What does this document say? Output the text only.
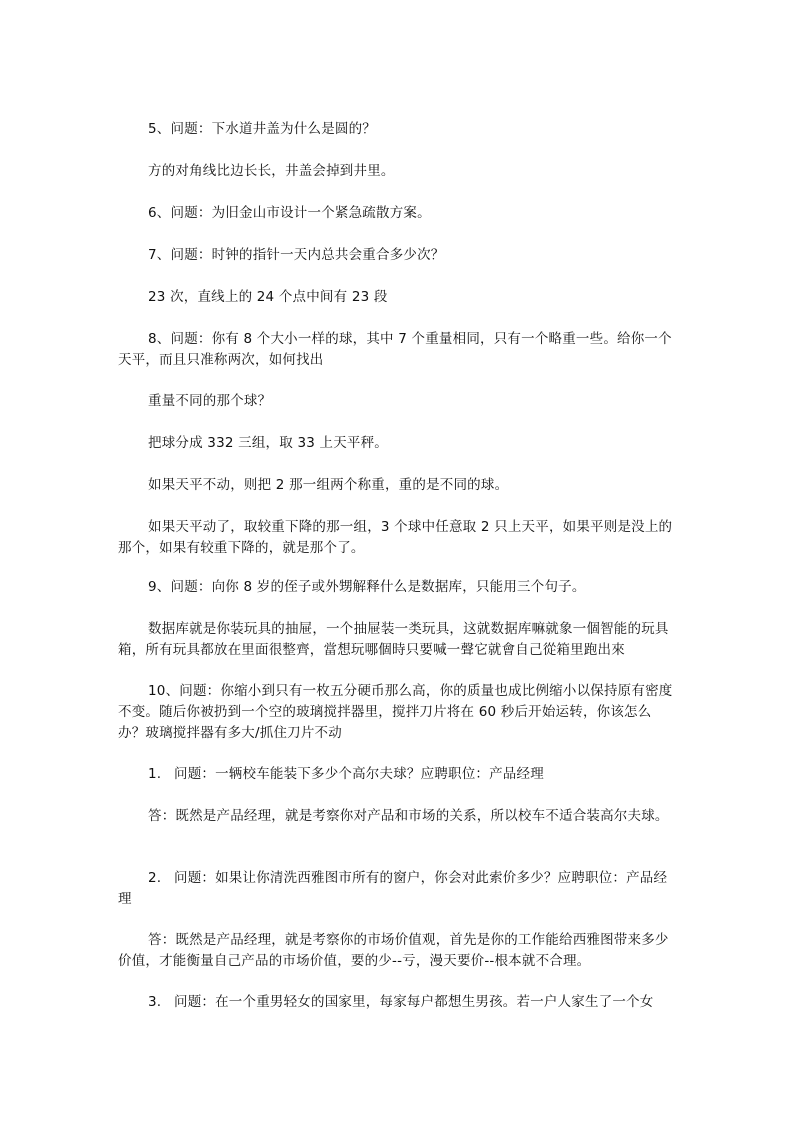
5、问题：下水道井盖为什么是圆的？

方的对角线比边长长，井盖会掉到井里。

6、问题：为旧金山市设计一个紧急疏散方案。

7、问题：时钟的指针一天内总共会重合多少次？

23 次，直线上的 24 个点中间有 23 段

8、问题：你有 8 个大小一样的球，其中 7 个重量相同，只有一个略重一些。给你一个天平，而且只准称两次，如何找出

重量不同的那个球？

把球分成 332 三组，取 33 上天平秤。

如果天平不动，则把 2 那一组两个称重，重的是不同的球。

如果天平动了，取较重下降的那一组，3 个球中任意取 2 只上天平，如果平则是没上的那个，如果有较重下降的，就是那个了。

9、问题：向你 8 岁的侄子或外甥解释什么是数据库，只能用三个句子。

数据库就是你装玩具的抽屉，一个抽屉装一类玩具，这就数据库嘛就象一個智能的玩具箱，所有玩具都放在里面很整齊，當想玩哪個時只要喊一聲它就會自己從箱里跑出來

10、问题：你缩小到只有一枚五分硬币那么高，你的质量也成比例缩小以保持原有密度不变。随后你被扔到一个空的玻璃搅拌器里，搅拌刀片将在 60 秒后开始运转，你该怎么办？玻璃搅拌器有多大/抓住刀片不动

1. 问题：一辆校车能装下多少个高尔夫球？应聘职位：产品经理

答：既然是产品经理，就是考察你对产品和市场的关系，所以校车不适合装高尔夫球。

2. 问题：如果让你清洗西雅图市所有的窗户，你会对此索价多少？应聘职位：产品经理

答：既然是产品经理，就是考察你的市场价值观，首先是你的工作能给西雅图带来多少价值，才能衡量自己产品的市场价值，要的少--亏，漫天要价--根本就不合理。

3. 问题：在一个重男轻女的国家里，每家每户都想生男孩。若一户人家生了一个女
